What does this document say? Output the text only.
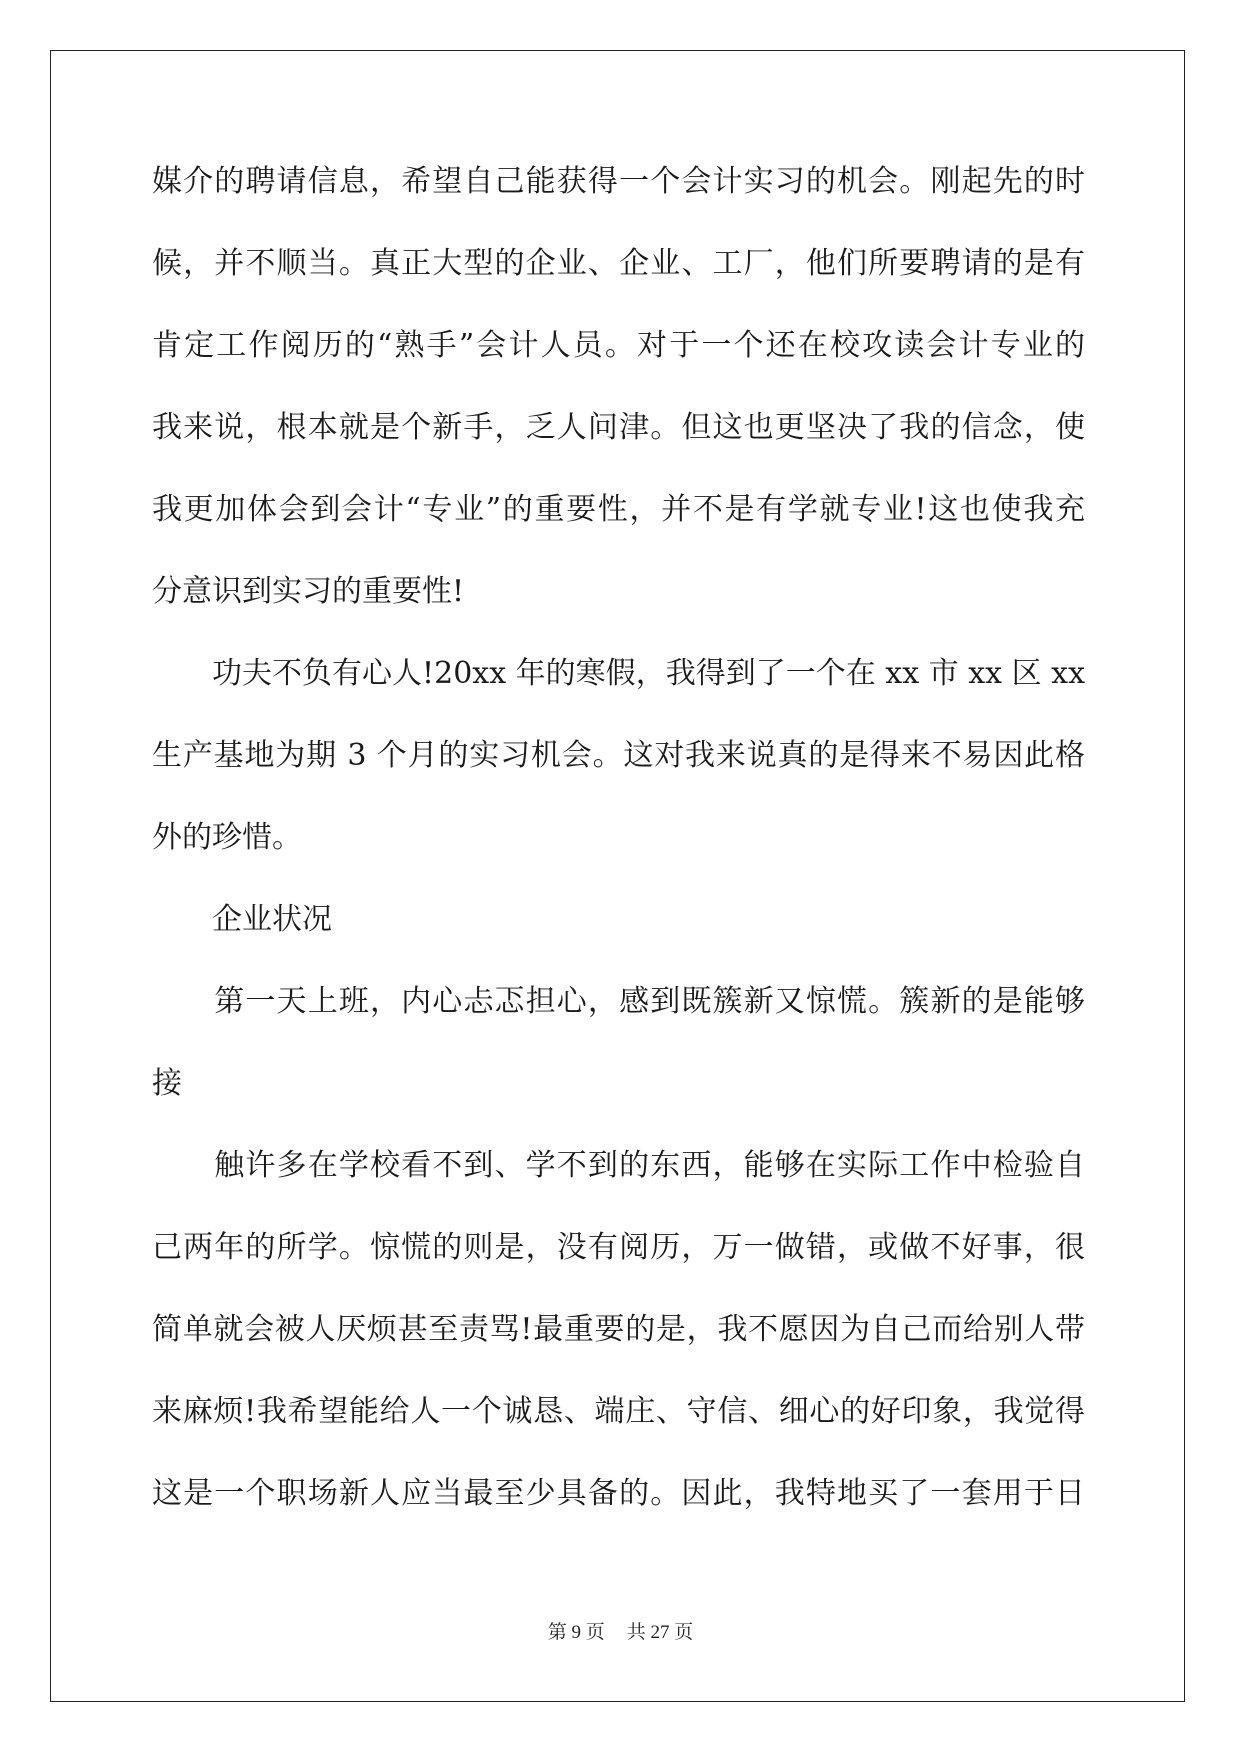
媒介的聘请信息，希望自己能获得一个会计实习的机会。刚起先的时
候，并不顺当。真正大型的企业、企业、工厂，他们所要聘请的是有
肯定工作阅历的“熟手”会计人员。对于一个还在校攻读会计专业的
我来说，根本就是个新手，乏人问津。但这也更坚决了我的信念，使
我更加体会到会计“专业”的重要性，并不是有学就专业!这也使我充
分意识到实习的重要性!
　　功夫不负有心人!20xx 年的寒假，我得到了一个在 xx 市 xx 区 xx
生产基地为期 3 个月的实习机会。这对我来说真的是得来不易因此格
外的珍惜。
　　企业状况
　　第一天上班，内心忐忑担心，感到既簇新又惊慌。簇新的是能够
接
　　触许多在学校看不到、学不到的东西，能够在实际工作中检验自
己两年的所学。惊慌的则是，没有阅历，万一做错，或做不好事，很
简单就会被人厌烦甚至责骂!最重要的是，我不愿因为自己而给别人带
来麻烦!我希望能给人一个诚恳、端庄、守信、细心的好印象，我觉得
这是一个职场新人应当最至少具备的。因此，我特地买了一套用于日
第 9 页 共 27 页
